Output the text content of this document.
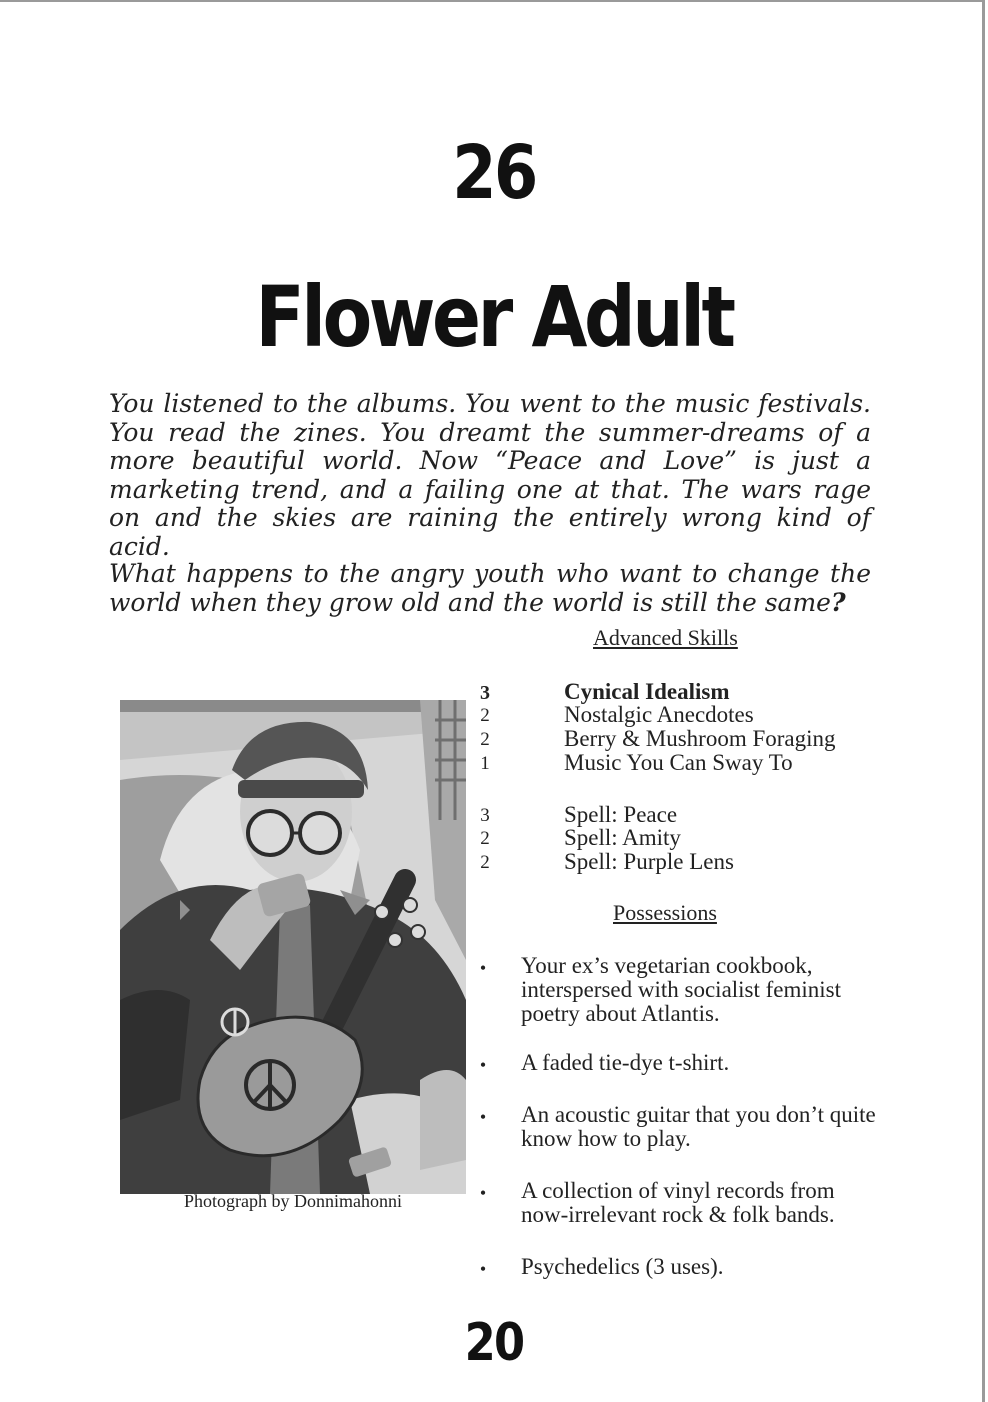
26
Flower Adult

You listened to the albums. You went to the music festivals. You read the zines. You dreamt the summer-dreams of a more beautiful world. Now “Peace and Love” is just a marketing trend, and a failing one at that. The wars rage on and the skies are raining the entirely wrong kind of acid.

What happens to the angry youth who want to change the world when they grow old and the world is still the same?

Advanced Skills
Photograph by Donnimahonni
3	Cynical Idealism
2	Nostalgic Anecdotes
2	Berry & Mushroom Foraging
1	Music You Can Sway To
3	Spell: Peace
2	Spell: Amity
2	Spell: Purple Lens
Possessions
• Your ex’s vegetarian cookbook, interspersed with socialist feminist poetry about Atlantis.
• A faded tie-dye t-shirt.
• An acoustic guitar that you don’t quite know how to play.
• A collection of vinyl records from now-irrelevant rock & folk bands.
• Psychedelics (3 uses).
20
